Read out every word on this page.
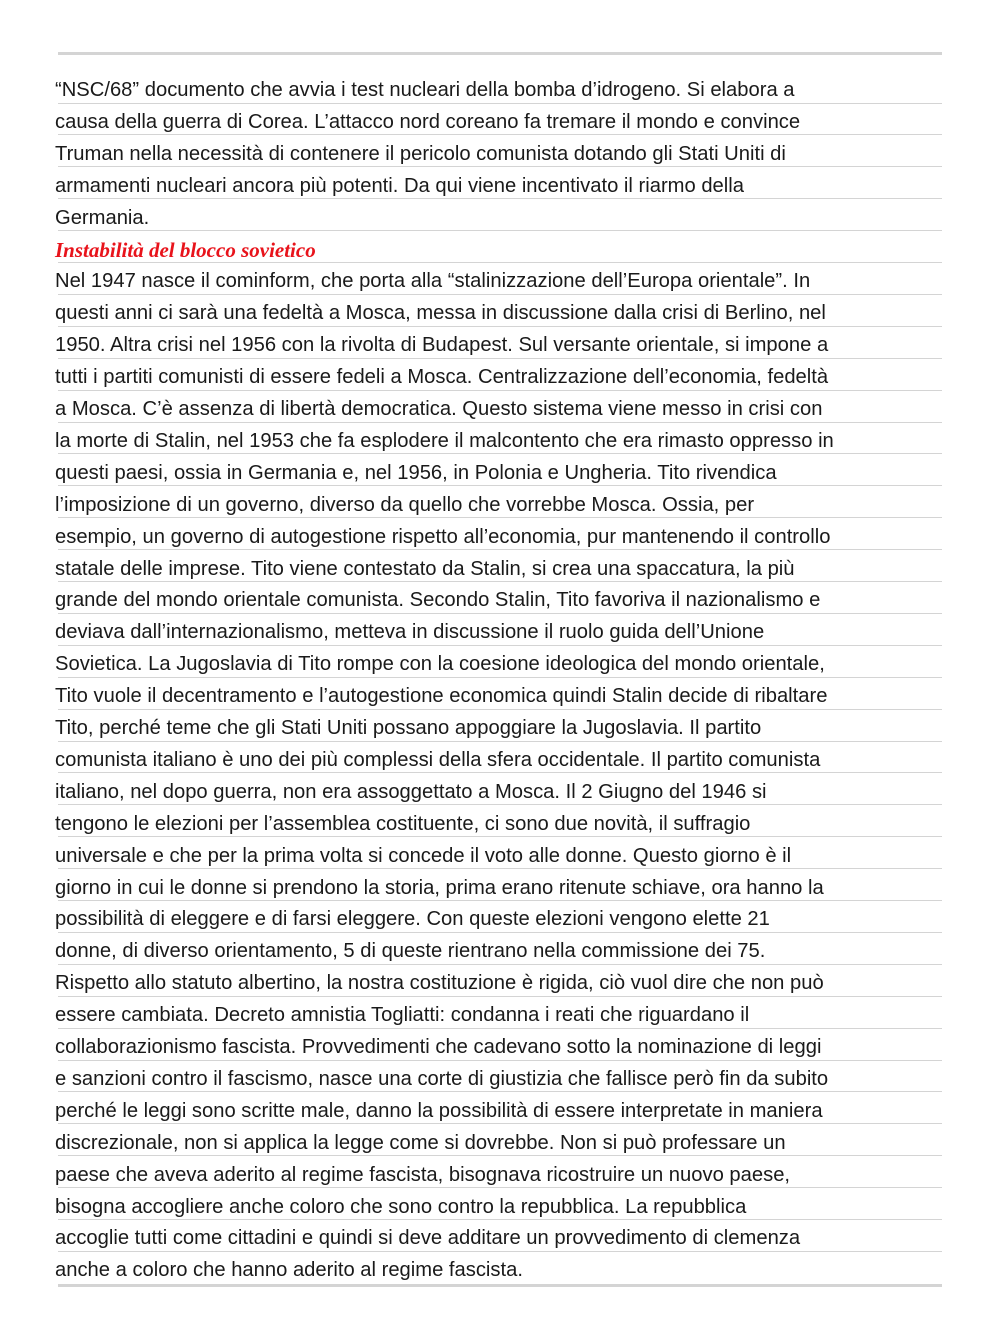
“NSC/68” documento che avvia i test nucleari della bomba d’idrogeno. Si elabora a
causa della guerra di Corea. L’attacco nord coreano fa tremare il mondo e convince
Truman nella necessità di contenere il pericolo comunista dotando gli Stati Uniti di
armamenti nucleari ancora più potenti. Da qui viene incentivato il riarmo della
Germania.
Instabilità del blocco sovietico
Nel 1947 nasce il cominform, che porta alla “stalinizzazione dell’Europa orientale”. In
questi anni ci sarà una fedeltà a Mosca, messa in discussione dalla crisi di Berlino, nel
1950. Altra crisi nel 1956 con la rivolta di Budapest. Sul versante orientale, si impone a
tutti i partiti comunisti di essere fedeli a Mosca. Centralizzazione dell’economia, fedeltà
a Mosca. C’è assenza di libertà democratica. Questo sistema viene messo in crisi con
la morte di Stalin, nel 1953 che fa esplodere il malcontento che era rimasto oppresso in
questi paesi, ossia in Germania e, nel 1956, in Polonia e Ungheria. Tito rivendica
l’imposizione di un governo, diverso da quello che vorrebbe Mosca. Ossia, per
esempio, un governo di autogestione rispetto all’economia, pur mantenendo il controllo
statale delle imprese. Tito viene contestato da Stalin, si crea una spaccatura, la più
grande del mondo orientale comunista. Secondo Stalin, Tito favoriva il nazionalismo e
deviava dall’internazionalismo, metteva in discussione il ruolo guida dell’Unione
Sovietica. La Jugoslavia di Tito rompe con la coesione ideologica del mondo orientale,
Tito vuole il decentramento e l’autogestione economica quindi Stalin decide di ribaltare
Tito, perché teme che gli Stati Uniti possano appoggiare la Jugoslavia. Il partito
comunista italiano è uno dei più complessi della sfera occidentale. Il partito comunista
italiano, nel dopo guerra, non era assoggettato a Mosca. Il 2 Giugno del 1946 si
tengono le elezioni per l’assemblea costituente, ci sono due novità, il suffragio
universale e che per la prima volta si concede il voto alle donne. Questo giorno è il
giorno in cui le donne si prendono la storia, prima erano ritenute schiave, ora hanno la
possibilità di eleggere e di farsi eleggere. Con queste elezioni vengono elette 21
donne, di diverso orientamento, 5 di queste rientrano nella commissione dei 75.
Rispetto allo statuto albertino, la nostra costituzione è rigida, ciò vuol dire che non può
essere cambiata. Decreto amnistia Togliatti: condanna i reati che riguardano il
collaborazionismo fascista. Provvedimenti che cadevano sotto la nominazione di leggi
e sanzioni contro il fascismo, nasce una corte di giustizia che fallisce però fin da subito
perché le leggi sono scritte male, danno la possibilità di essere interpretate in maniera
discrezionale, non si applica la legge come si dovrebbe. Non si può professare un
paese che aveva aderito al regime fascista, bisognava ricostruire un nuovo paese,
bisogna accogliere anche coloro che sono contro la repubblica. La repubblica
accoglie tutti come cittadini e quindi si deve additare un provvedimento di clemenza
anche a coloro che hanno aderito al regime fascista.
